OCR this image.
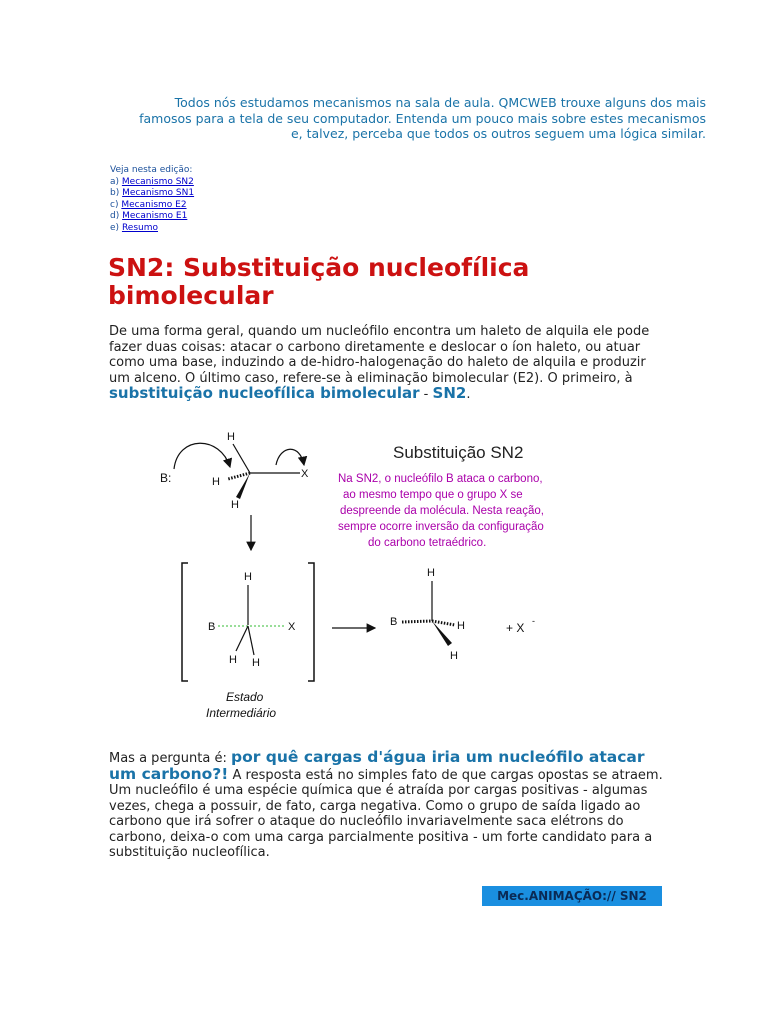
Todos nós estudamos mecanismos na sala de aula. QMCWEB trouxe alguns dos mais
famosos para a tela de seu computador. Entenda um pouco mais sobre estes mecanismos
e, talvez, perceba que todos os outros seguem uma lógica similar.
Veja nesta edição:
a) Mecanismo SN2
b) Mecanismo SN1
c) Mecanismo E2
d) Mecanismo E1
e) Resumo
SN2: Substituição nucleofílica
bimolecular
De uma forma geral, quando um nucleófilo encontra um haleto de alquila ele pode fazer duas coisas: atacar o carbono diretamente e deslocar o íon haleto, ou atuar como uma base, induzindo a de-hidro-halogenação do haleto de alquila e produzir um alceno. O último caso, refere-se à eliminação bimolecular (E2). O primeiro, à substituição nucleofílica bimolecular - SN2.
Substituição SN2
Na SN2, o nucleófilo B ataca o carbono,
ao mesmo tempo que o grupo X se
despreende da molécula. Nesta reação,
sempre ocorre inversão da configuração
do carbono tetraédrico.
B:
H
X
H
H
H
B	X
H H
Estado
Intermediário
H
B	H
H
+ X -
Mas a pergunta é: por quê cargas d'água iria um nucleófilo atacar um carbono?! A resposta está no simples fato de que cargas opostas se atraem. Um nucleófilo é uma espécie química que é atraída por cargas positivas - algumas vezes, chega a possuir, de fato, carga negativa. Como o grupo de saída ligado ao carbono que irá sofrer o ataque do nucleófilo invariavelmente saca elétrons do carbono, deixa-o com uma carga parcialmente positiva - um forte candidato para a substituição nucleofílica.
Mec.ANIMAÇÃO:// SN2
